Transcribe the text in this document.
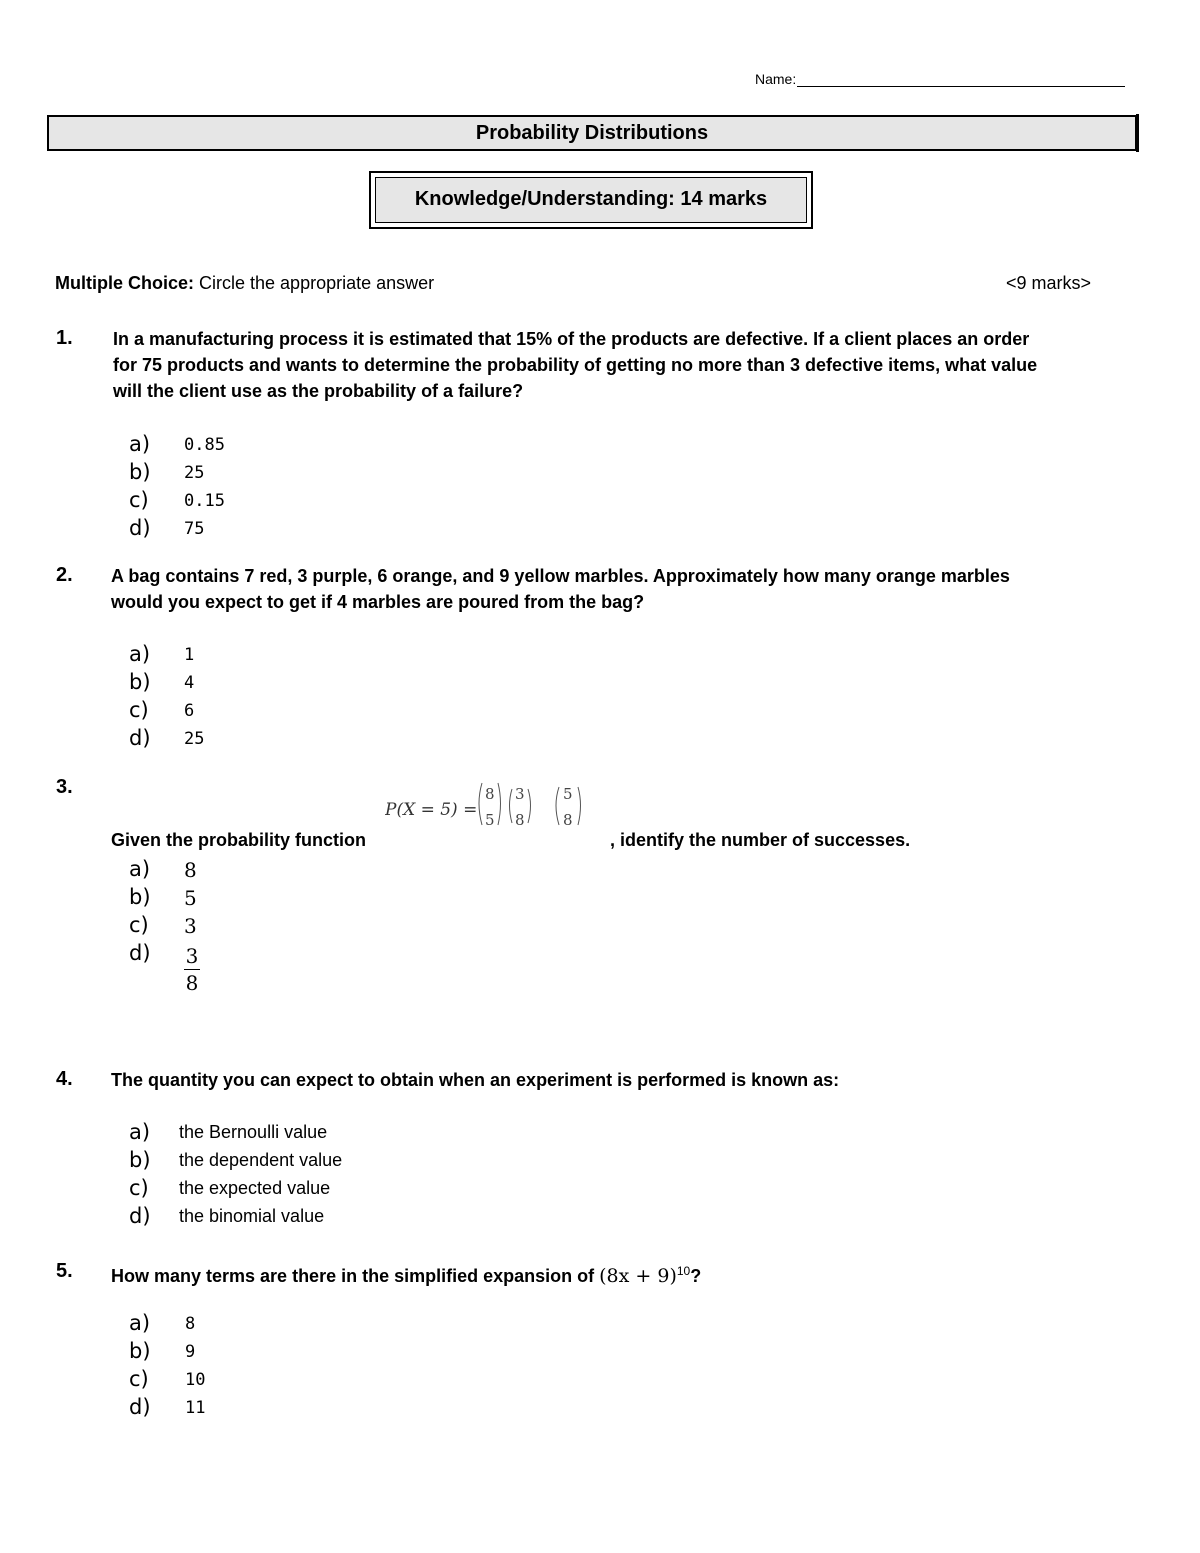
Name:
Probability Distributions
Knowledge/Understanding: 14 marks
Multiple Choice: Circle the appropriate answer	<9 marks>
1. In a manufacturing process it is estimated that 15% of the products are defective. If a client places an order
for 75 products and wants to determine the probability of getting no more than 3 defective items, what value
will the client use as the probability of a failure?
a) 0.85
b) 25
c) 0.15
d) 75
2. A bag contains 7 red, 3 purple, 6 orange, and 9 yellow marbles. Approximately how many orange marbles
would you expect to get if 4 marbles are poured from the bag?
a) 1
b) 4
c) 6
d) 25
3.
Given the probability function
P(X = 5) =
8
5
3
8
5
8
, identify the number of successes.
a) 8
b) 5
c) 3
d) 3
8
4. The quantity you can expect to obtain when an experiment is performed is known as:
a) the Bernoulli value
b) the dependent value
c) the expected value
d) the binomial value
5. How many terms are there in the simplified expansion of $(8x + 9)^{10}$?
a) 8
b) 9
c) 10
d) 11
